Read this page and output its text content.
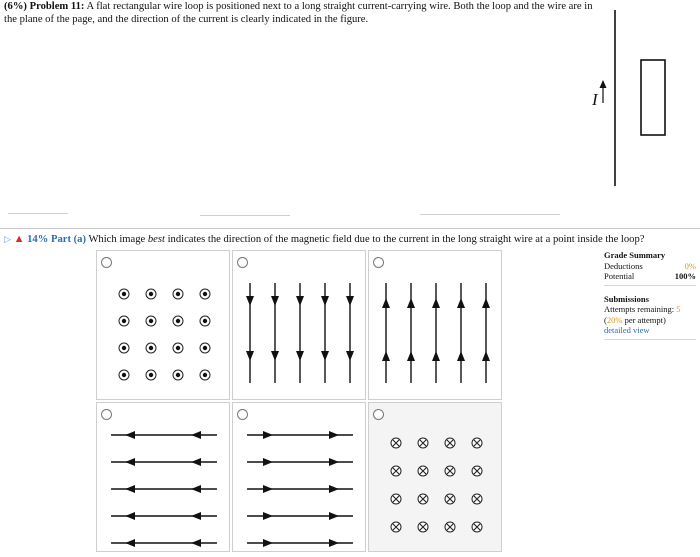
(6%) Problem 11: A flat rectangular wire loop is positioned next to a long straight current-carrying wire. Both the loop and the wire are in the plane of the page, and the direction of the current is clearly indicated in the figure.
I
▷ ▲ 14% Part (a) Which image best indicates the direction of the magnetic field due to the current in the long straight wire at a point inside the loop?
Grade Summary
Deductions	0%
Potential	100%
Submissions
Attempts remaining: 5
(20% per attempt)
detailed view
